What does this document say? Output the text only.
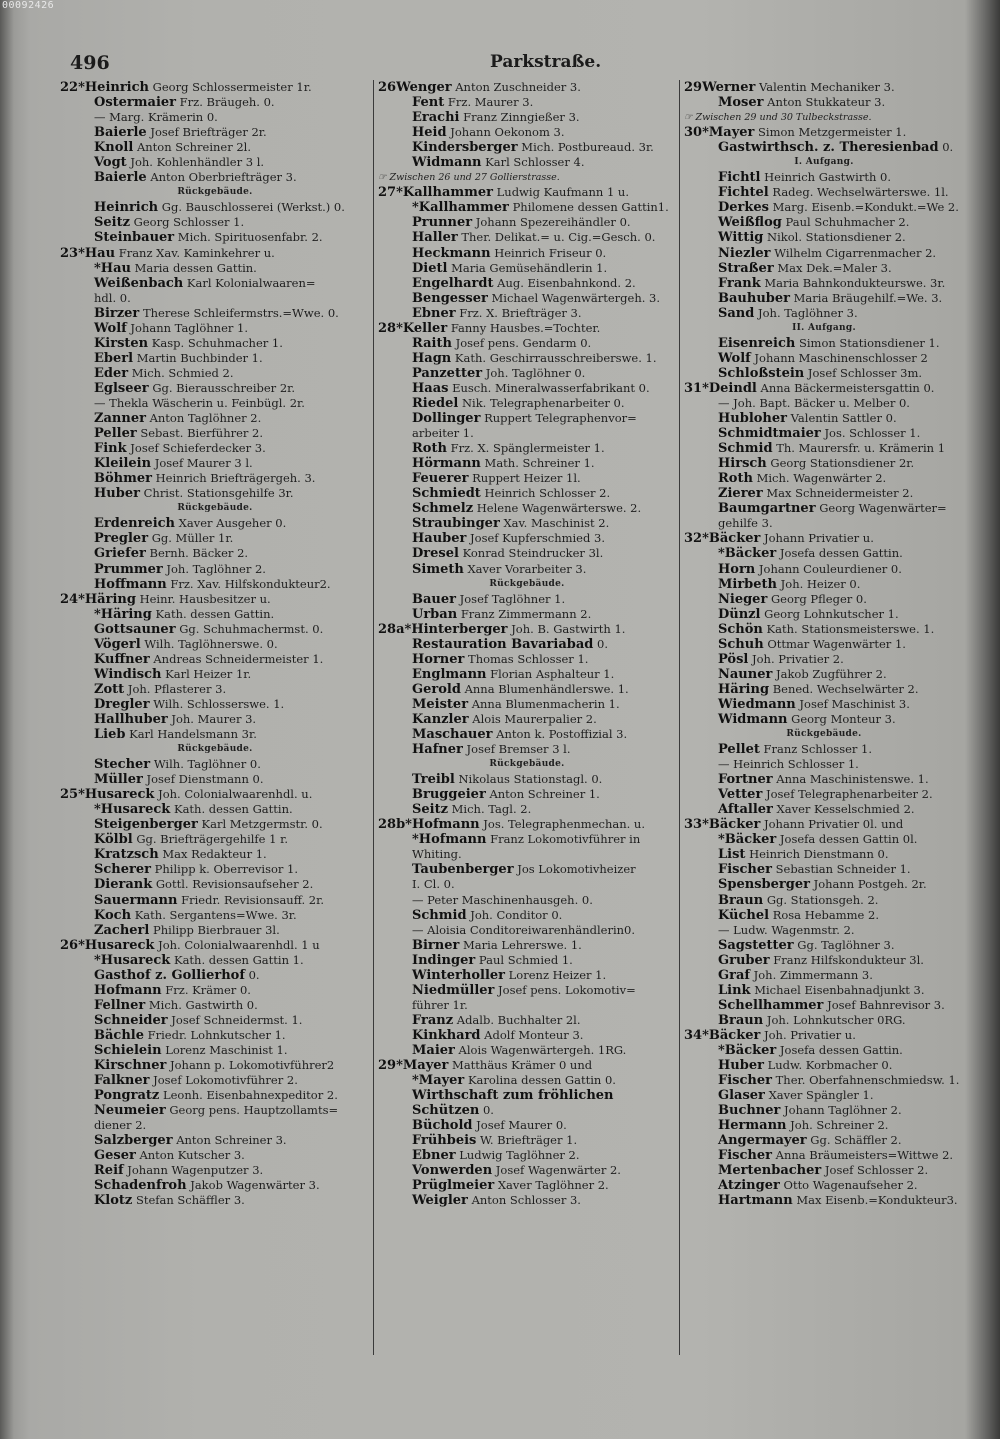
00092426
496	Parkstraße.
22*Heinrich Georg Schlossermeister 1r.
Ostermaier Frz. Bräugeh. 0.
— Marg. Krämerin 0.
Baierle Josef Briefträger 2r.
Knoll Anton Schreiner 2l.
Vogt Joh. Kohlenhändler 3 l.
Baierle Anton Oberbriefträger 3.
Rückgebäude.
Heinrich Gg. Bauschlosserei (Werkst.) 0.
Seitz Georg Schlosser 1.
Steinbauer Mich. Spirituosenfabr. 2.
23*Hau Franz Xav. Kaminkehrer u.
*Hau Maria dessen Gattin.
Weißenbach Karl Kolonialwaaren=
hdl. 0.
Birzer Therese Schleifermstrs.=Wwe. 0.
Wolf Johann Taglöhner 1.
Kirsten Kasp. Schuhmacher 1.
Eberl Martin Buchbinder 1.
Eder Mich. Schmied 2.
Eglseer Gg. Bierausschreiber 2r.
— Thekla Wäscherin u. Feinbügl. 2r.
Zanner Anton Taglöhner 2.
Peller Sebast. Bierführer 2.
Fink Josef Schieferdecker 3.
Kleilein Josef Maurer 3 l.
Böhmer Heinrich Briefträgergeh. 3.
Huber Christ. Stationsgehilfe 3r.
Rückgebäude.
Erdenreich Xaver Ausgeher 0.
Pregler Gg. Müller 1r.
Griefer Bernh. Bäcker 2.
Prummer Joh. Taglöhner 2.
Hoffmann Frz. Xav. Hilfskondukteur2.
24*Häring Heinr. Hausbesitzer u.
*Häring Kath. dessen Gattin.
Gottsauner Gg. Schuhmachermst. 0.
Vögerl Wilh. Taglöhnerswe. 0.
Kuffner Andreas Schneidermeister 1.
Windisch Karl Heizer 1r.
Zott Joh. Pflasterer 3.
Dregler Wilh. Schlosserswe. 1.
Hallhuber Joh. Maurer 3.
Lieb Karl Handelsmann 3r.
Rückgebäude.
Stecher Wilh. Taglöhner 0.
Müller Josef Dienstmann 0.
25*Husareck Joh. Colonialwaarenhdl. u.
*Husareck Kath. dessen Gattin.
Steigenberger Karl Metzgermstr. 0.
Kölbl Gg. Briefträgergehilfe 1 r.
Kratzsch Max Redakteur 1.
Scherer Philipp k. Oberrevisor 1.
Dierank Gottl. Revisionsaufseher 2.
Sauermann Friedr. Revisionsauff. 2r.
Koch Kath. Sergantens=Wwe. 3r.
Zacherl Philipp Bierbrauer 3l.
26*Husareck Joh. Colonialwaarenhdl. 1 u
*Husareck Kath. dessen Gattin 1.
Gasthof z. Gollierhof 0.
Hofmann Frz. Krämer 0.
Fellner Mich. Gastwirth 0.
Schneider Josef Schneidermst. 1.
Bächle Friedr. Lohnkutscher 1.
Schielein Lorenz Maschinist 1.
Kirschner Johann p. Lokomotivführer2
Falkner Josef Lokomotivführer 2.
Pongratz Leonh. Eisenbahnexpeditor 2.
Neumeier Georg pens. Hauptzollamts=
diener 2.
Salzberger Anton Schreiner 3.
Geser Anton Kutscher 3.
Reif Johann Wagenputzer 3.
Schadenfroh Jakob Wagenwärter 3.
Klotz Stefan Schäffler 3.
26Wenger Anton Zuschneider 3.
Fent Frz. Maurer 3.
Erachi Franz Zinngießer 3.
Heid Johann Oekonom 3.
Kindersberger Mich. Postbureaud. 3r.
Widmann Karl Schlosser 4.
☞ Zwischen 26 und 27 Gollierstrasse.
27*Kallhammer Ludwig Kaufmann 1 u.
*Kallhammer Philomene dessen Gattin1.
Prunner Johann Spezereihändler 0.
Haller Ther. Delikat.= u. Cig.=Gesch. 0.
Heckmann Heinrich Friseur 0.
Dietl Maria Gemüsehändlerin 1.
Engelhardt Aug. Eisenbahnkond. 2.
Bengesser Michael Wagenwärtergeh. 3.
Ebner Frz. X. Briefträger 3.
28*Keller Fanny Hausbes.=Tochter.
Raith Josef pens. Gendarm 0.
Hagn Kath. Geschirrausschreiberswe. 1.
Panzetter Joh. Taglöhner 0.
Haas Eusch. Mineralwasserfabrikant 0.
Riedel Nik. Telegraphenarbeiter 0.
Dollinger Ruppert Telegraphenvor=
arbeiter 1.
Roth Frz. X. Spänglermeister 1.
Hörmann Math. Schreiner 1.
Feuerer Ruppert Heizer 1l.
Schmiedt Heinrich Schlosser 2.
Schmelz Helene Wagenwärterswe. 2.
Straubinger Xav. Maschinist 2.
Hauber Josef Kupferschmied 3.
Dresel Konrad Steindrucker 3l.
Simeth Xaver Vorarbeiter 3.
Rückgebäude.
Bauer Josef Taglöhner 1.
Urban Franz Zimmermann 2.
28a*Hinterberger Joh. B. Gastwirth 1.
Restauration Bavariabad 0.
Horner Thomas Schlosser 1.
Englmann Florian Asphalteur 1.
Gerold Anna Blumenhändlerswe. 1.
Meister Anna Blumenmacherin 1.
Kanzler Alois Maurerpalier 2.
Maschauer Anton k. Postoffizial 3.
Hafner Josef Bremser 3 l.
Rückgebäude.
Treibl Nikolaus Stationstagl. 0.
Bruggeier Anton Schreiner 1.
Seitz Mich. Tagl. 2.
28b*Hofmann Jos. Telegraphenmechan. u.
*Hofmann Franz Lokomotivführer in
Whiting.
Taubenberger Jos Lokomotivheizer
I. Cl. 0.
— Peter Maschinenhausgeh. 0.
Schmid Joh. Conditor 0.
— Aloisia Conditoreiwarenhändlerin0.
Birner Maria Lehrerswe. 1.
Indinger Paul Schmied 1.
Winterholler Lorenz Heizer 1.
Niedmüller Josef pens. Lokomotiv=
führer 1r.
Franz Adalb. Buchhalter 2l.
Kinkhard Adolf Monteur 3.
Maier Alois Wagenwärtergeh. 1RG.
29*Mayer Matthäus Krämer 0 und
*Mayer Karolina dessen Gattin 0.
Wirthschaft zum fröhlichen
Schützen 0.
Büchold Josef Maurer 0.
Frühbeis W. Briefträger 1.
Ebner Ludwig Taglöhner 2.
Vonwerden Josef Wagenwärter 2.
Prüglmeier Xaver Taglöhner 2.
Weigler Anton Schlosser 3.
29Werner Valentin Mechaniker 3.
Moser Anton Stukkateur 3.
☞ Zwischen 29 und 30 Tulbeckstrasse.
30*Mayer Simon Metzgermeister 1.
Gastwirthsch. z. Theresienbad 0.
I. Aufgang.
Fichtl Heinrich Gastwirth 0.
Fichtel Radeg. Wechselwärterswe. 1l.
Derkes Marg. Eisenb.=Kondukt.=We 2.
Weißflog Paul Schuhmacher 2.
Wittig Nikol. Stationsdiener 2.
Niezler Wilhelm Cigarrenmacher 2.
Straßer Max Dek.=Maler 3.
Frank Maria Bahnkondukteurswe. 3r.
Bauhuber Maria Bräugehilf.=We. 3.
Sand Joh. Taglöhner 3.
II. Aufgang.
Eisenreich Simon Stationsdiener 1.
Wolf Johann Maschinenschlosser 2
Schloßstein Josef Schlosser 3m.
31*Deindl Anna Bäckermeistersgattin 0.
— Joh. Bapt. Bäcker u. Melber 0.
Hubloher Valentin Sattler 0.
Schmidtmaier Jos. Schlosser 1.
Schmid Th. Maurersfr. u. Krämerin 1
Hirsch Georg Stationsdiener 2r.
Roth Mich. Wagenwärter 2.
Zierer Max Schneidermeister 2.
Baumgartner Georg Wagenwärter=
gehilfe 3.
32*Bäcker Johann Privatier u.
*Bäcker Josefa dessen Gattin.
Horn Johann Couleurdiener 0.
Mirbeth Joh. Heizer 0.
Nieger Georg Pfleger 0.
Dünzl Georg Lohnkutscher 1.
Schön Kath. Stationsmeisterswe. 1.
Schuh Ottmar Wagenwärter 1.
Pösl Joh. Privatier 2.
Nauner Jakob Zugführer 2.
Häring Bened. Wechselwärter 2.
Wiedmann Josef Maschinist 3.
Widmann Georg Monteur 3.
Rückgebäude.
Pellet Franz Schlosser 1.
— Heinrich Schlosser 1.
Fortner Anna Maschinistenswe. 1.
Vetter Josef Telegraphenarbeiter 2.
Aftaller Xaver Kesselschmied 2.
33*Bäcker Johann Privatier 0l. und
*Bäcker Josefa dessen Gattin 0l.
List Heinrich Dienstmann 0.
Fischer Sebastian Schneider 1.
Spensberger Johann Postgeh. 2r.
Braun Gg. Stationsgeh. 2.
Küchel Rosa Hebamme 2.
— Ludw. Wagenmstr. 2.
Sagstetter Gg. Taglöhner 3.
Gruber Franz Hilfskondukteur 3l.
Graf Joh. Zimmermann 3.
Link Michael Eisenbahnadjunkt 3.
Schellhammer Josef Bahnrevisor 3.
Braun Joh. Lohnkutscher 0RG.
34*Bäcker Joh. Privatier u.
*Bäcker Josefa dessen Gattin.
Huber Ludw. Korbmacher 0.
Fischer Ther. Oberfahnenschmiedsw. 1.
Glaser Xaver Spängler 1.
Buchner Johann Taglöhner 2.
Hermann Joh. Schreiner 2.
Angermayer Gg. Schäffler 2.
Fischer Anna Bräumeisters=Wittwe 2.
Mertenbacher Josef Schlosser 2.
Atzinger Otto Wagenaufseher 2.
Hartmann Max Eisenb.=Kondukteur3.
